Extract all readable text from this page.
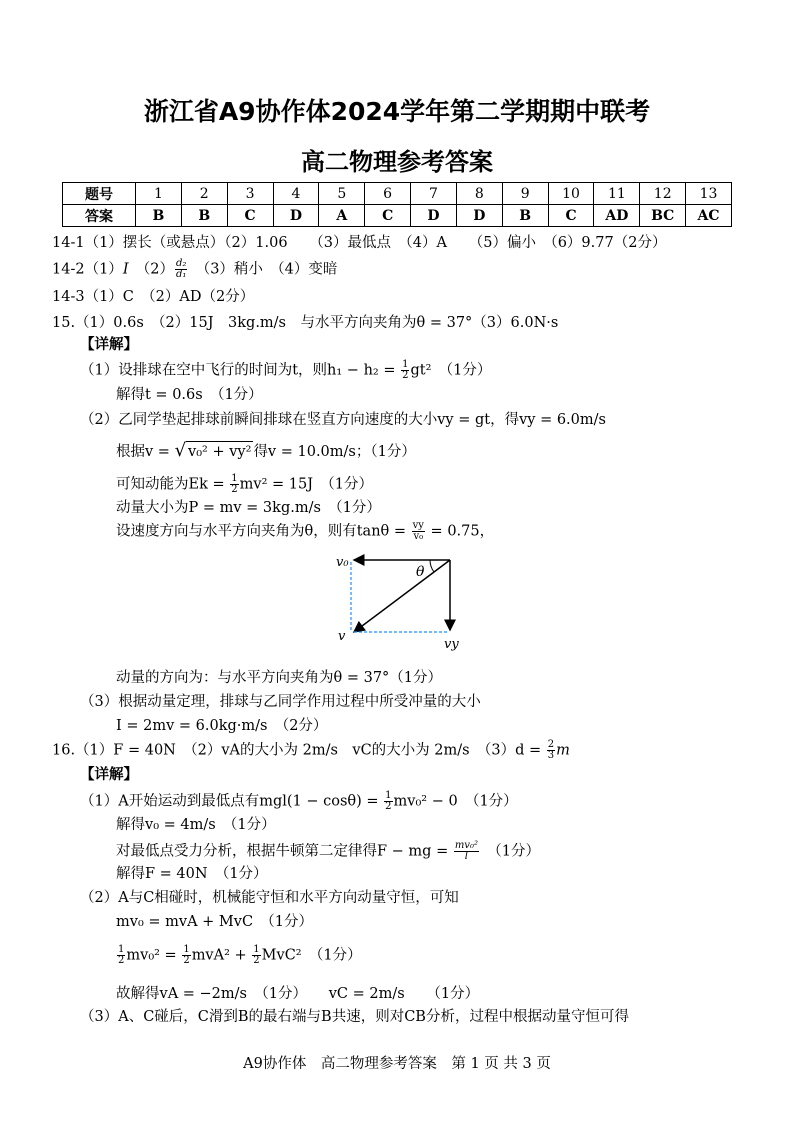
浙江省A9协作体2024学年第二学期期中联考
高二物理参考答案
题号	1	2	3	4	5	6	7	8	9	10	11	12	13
答案	B	B	C	D	A	C	D	D	B	C	AD	BC	AC
14-1（1）摆长（或悬点）（2）1.06　　（3）最低点　（4）A　　（5）偏小　（6）9.77（2分）
14-2（1）I　$(2) \frac{\text{d₂}}{\text{d₁}}$ 　（3）稍小　（4）变暗
14-3（1）C　（2）AD（2分）
15.（1）0.6s　（2）15J　3kg.m/s　与水平方向夹角为θ = 37°（3）6.0N·s
【详解】
（1）设排球在空中飞行的时间为t，则$h_1 - h_2 = \frac{1}{2} gt^2$　（1分）
解得t = 0.6s　（1分）
（2）乙同学垫起排球前瞬间排球在竖直方向速度的大小vy = gt，得vy = 6.0m/s
根据v = √ v₀² + vy² 得v = 10.0m/s；（1分）
可知动能为$Ek = \frac{1}{2} mv^2 = 15J$　（1分）
动量大小为P = mv = 3kg.m/s　（1分）
设速度方向与水平方向夹角为θ，则有$\tan\theta = \frac{vy}{\text{v₀}} = 0.75$，
v₀
θ
v
vy
动量的方向为：与水平方向夹角为θ = 37°（1分）
（3）根据动量定理，排球与乙同学作用过程中所受冲量的大小
I = 2mv = 6.0kg·m/s　（2分）
16.（1）F = 40N　（2）vA的大小为 2m/s　vC的大小为 2m/s　$(3)d = \frac{2}{3}$ m
【详解】
（1）A开始运动到最低点有$mgl(1 - \cos\theta) = \frac{1}{2} mv_0^2 - 0$　（1分）
解得v₀ = 4m/s　（1分）
对最低点受力分析，根据牛顿第二定律得F − mg = $\frac{\text{mv₀²}}{l}$ 　（1分）
解得F = 40N　（1分）
（2）A与C相碰时，机械能守恒和水平方向动量守恒，可知
mv₀ = mvA + MvC　（1分）
$\frac{1}{2} mv_0^2 = \frac{1}{2} mvA^2 + \frac{1}{2} MvC^2$　（1分）
故解得vA = −2m/s　（1分）　　vC = 2m/s　　（1分）
（3）A、C碰后，C滑到B的最右端与B共速，则对CB分析，过程中根据动量守恒可得
A9协作体　高二物理参考答案　第 1 页 共 3 页
